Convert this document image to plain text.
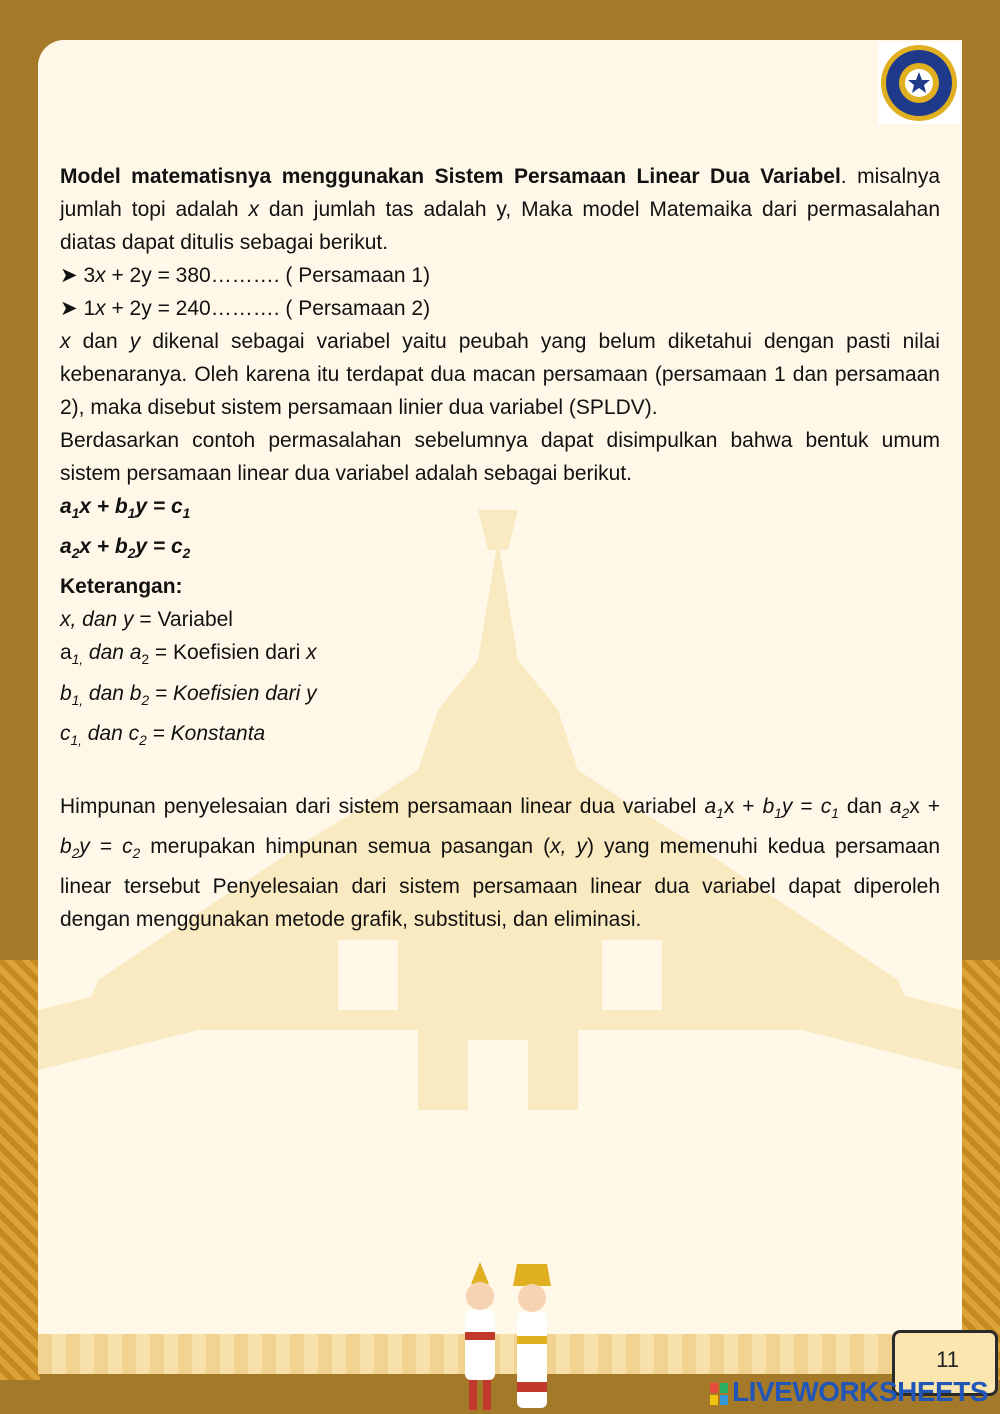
Model matematisnya menggunakan Sistem Persamaan Linear Dua Variabel. misalnya jumlah topi adalah x dan jumlah tas adalah y, Maka model Matemaika dari permasalahan diatas dapat ditulis sebagai berikut.

➤ 3x + 2y = 380………. ( Persamaan 1)

➤ 1x + 2y = 240………. ( Persamaan 2)

x dan y dikenal sebagai variabel yaitu peubah yang belum diketahui dengan pasti nilai kebenaranya. Oleh karena itu terdapat dua macan persamaan (persamaan 1 dan persamaan 2), maka disebut sistem persamaan linier dua variabel (SPLDV).

Berdasarkan contoh permasalahan sebelumnya dapat disimpulkan bahwa bentuk umum sistem persamaan linear dua variabel adalah sebagai berikut.

$a_1x + b_1y = c_1$

$a_2x + b_2y = c_2$

Keterangan:

x, dan y = Variabel

$a_{1,}$ dan $a_2$ = Koefisien dari x

$b_{1,}$ dan $b_2$ = Koefisien dari y

$c_{1,}$ dan $c_2$ = Konstanta

Himpunan penyelesaian dari sistem persamaan linear dua variabel $a_1x + b_1y = c_1$ dan $a_2x + b_2y = c_2$ merupakan himpunan semua pasangan (x, y) yang memenuhi kedua persamaan linear tersebut Penyelesaian dari sistem persamaan linear dua variabel dapat diperoleh dengan menggunakan metode grafik, substitusi, dan eliminasi.

11
LIVEWORKSHEETS
